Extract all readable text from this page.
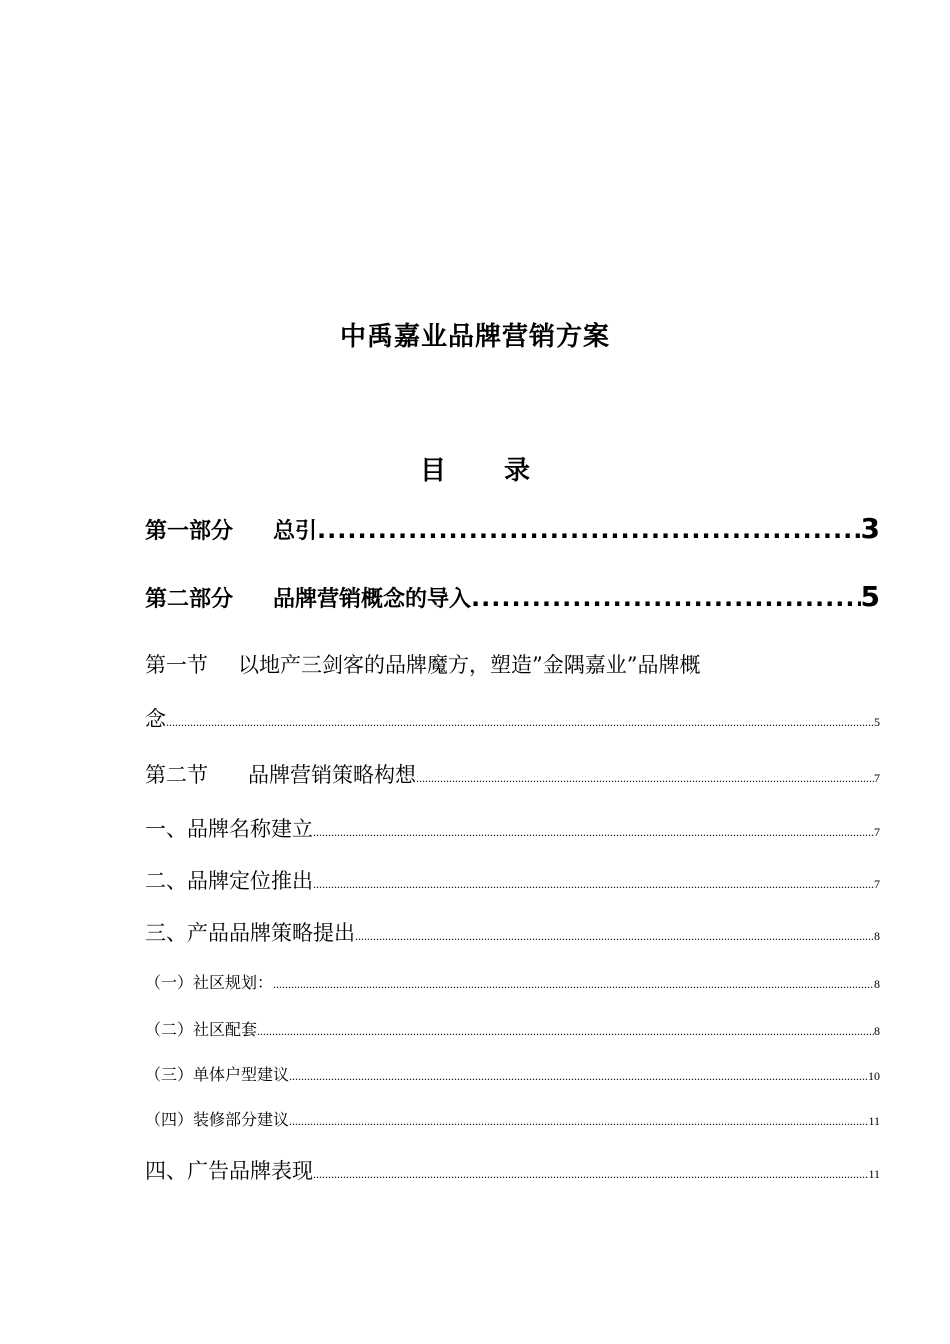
中禹嘉业品牌营销方案
目 录
第一部分 总引 .....	3
第二部分 品牌营销概念的导入 .....	5
第一节 以地产三剑客的品牌魔方，塑造”金隅嘉业”品牌概
念 .....	5
第二节 品牌营销策略构想 .....	7
一、品牌名称建立 .....	7
二、品牌定位推出 .....	7
三、产品品牌策略提出 .....	8
（一）社区规划： .....	8
（二）社区配套 .....	8
（三）单体户型建议 .....	10
（四）装修部分建议 .....	11
四、广告品牌表现 .....	11
